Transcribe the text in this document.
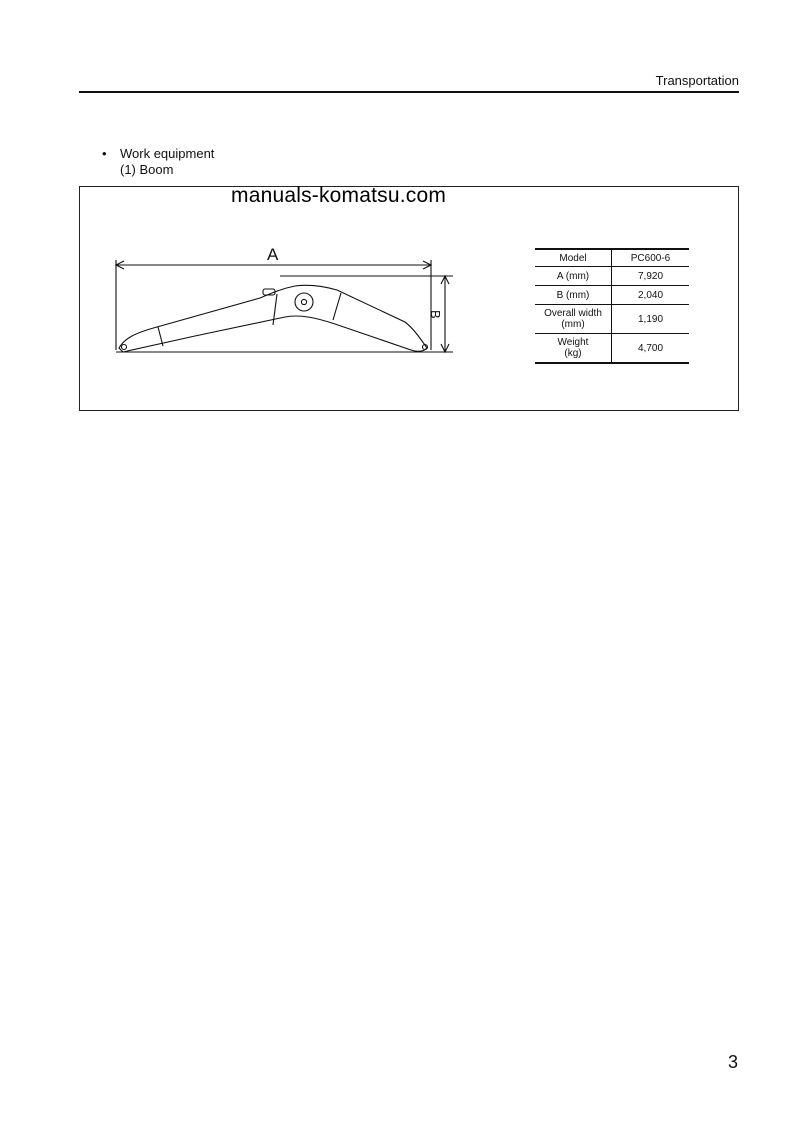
Transportation
• Work equipment
(1) Boom
manuals-komatsu.com
A
B
Model	PC600-6
A (mm)	7,920
B (mm)	2,040

Overall width
(mm)	1,190

Weight
(kg)	4,700
3
